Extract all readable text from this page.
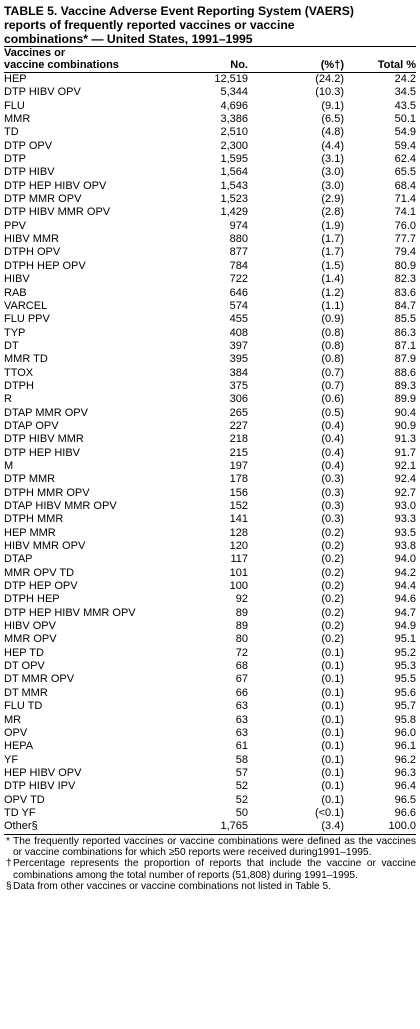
TABLE 5. Vaccine Adverse Event Reporting System (VAERS)
reports of frequently reported vaccines or vaccine
combinations* — United States, 1991–1995

Vaccines or
vaccine combinations	No.	(%†)	Total %
HEP	12,519	(24.2)	24.2
DTP HIBV OPV	5,344	(10.3)	34.5
FLU	4,696	(9.1)	43.5
MMR	3,386	(6.5)	50.1
TD	2,510	(4.8)	54.9
DTP OPV	2,300	(4.4)	59.4
DTP	1,595	(3.1)	62.4
DTP HIBV	1,564	(3.0)	65.5
DTP HEP HIBV OPV	1,543	(3.0)	68.4
DTP MMR OPV	1,523	(2.9)	71.4
DTP HIBV MMR OPV	1,429	(2.8)	74.1
PPV	974	(1.9)	76.0
HIBV MMR	880	(1.7)	77.7
DTPH OPV	877	(1.7)	79.4
DTPH HEP OPV	784	(1.5)	80.9
HIBV	722	(1.4)	82.3
RAB	646	(1.2)	83.6
VARCEL	574	(1.1)	84.7
FLU PPV	455	(0.9)	85.5
TYP	408	(0.8)	86.3
DT	397	(0.8)	87.1
MMR TD	395	(0.8)	87.9
TTOX	384	(0.7)	88.6
DTPH	375	(0.7)	89.3
R	306	(0.6)	89.9
DTAP MMR OPV	265	(0.5)	90.4
DTAP OPV	227	(0.4)	90.9
DTP HIBV MMR	218	(0.4)	91.3
DTP HEP HIBV	215	(0.4)	91.7
M	197	(0.4)	92.1
DTP MMR	178	(0.3)	92.4
DTPH MMR OPV	156	(0.3)	92.7
DTAP HIBV MMR OPV	152	(0.3)	93.0
DTPH MMR	141	(0.3)	93.3
HEP MMR	128	(0.2)	93.5
HIBV MMR OPV	120	(0.2)	93.8
DTAP	117	(0.2)	94.0
MMR OPV TD	101	(0.2)	94.2
DTP HEP OPV	100	(0.2)	94.4
DTPH HEP	92	(0.2)	94.6
DTP HEP HIBV MMR OPV	89	(0.2)	94.7
HIBV OPV	89	(0.2)	94.9
MMR OPV	80	(0.2)	95.1
HEP TD	72	(0.1)	95.2
DT OPV	68	(0.1)	95.3
DT MMR OPV	67	(0.1)	95.5
DT MMR	66	(0.1)	95.6
FLU TD	63	(0.1)	95.7
MR	63	(0.1)	95.8
OPV	63	(0.1)	96.0
HEPA	61	(0.1)	96.1
YF	58	(0.1)	96.2
HEP HIBV OPV	57	(0.1)	96.3
DTP HIBV IPV	52	(0.1)	96.4
OPV TD	52	(0.1)	96.5
TD YF	50	(<0.1)	96.6
Other§	1,765	(3.4)	100.0

* The frequently reported vaccines or vaccine combinations were defined as the vaccines or vaccine combinations for which ≥50 reports were received during1991–1995.

†Percentage represents the proportion of reports that include the vaccine or vaccine combinations among the total number of reports (51,808) during 1991–1995.

§Data from other vaccines or vaccine combinations not listed in Table 5.
